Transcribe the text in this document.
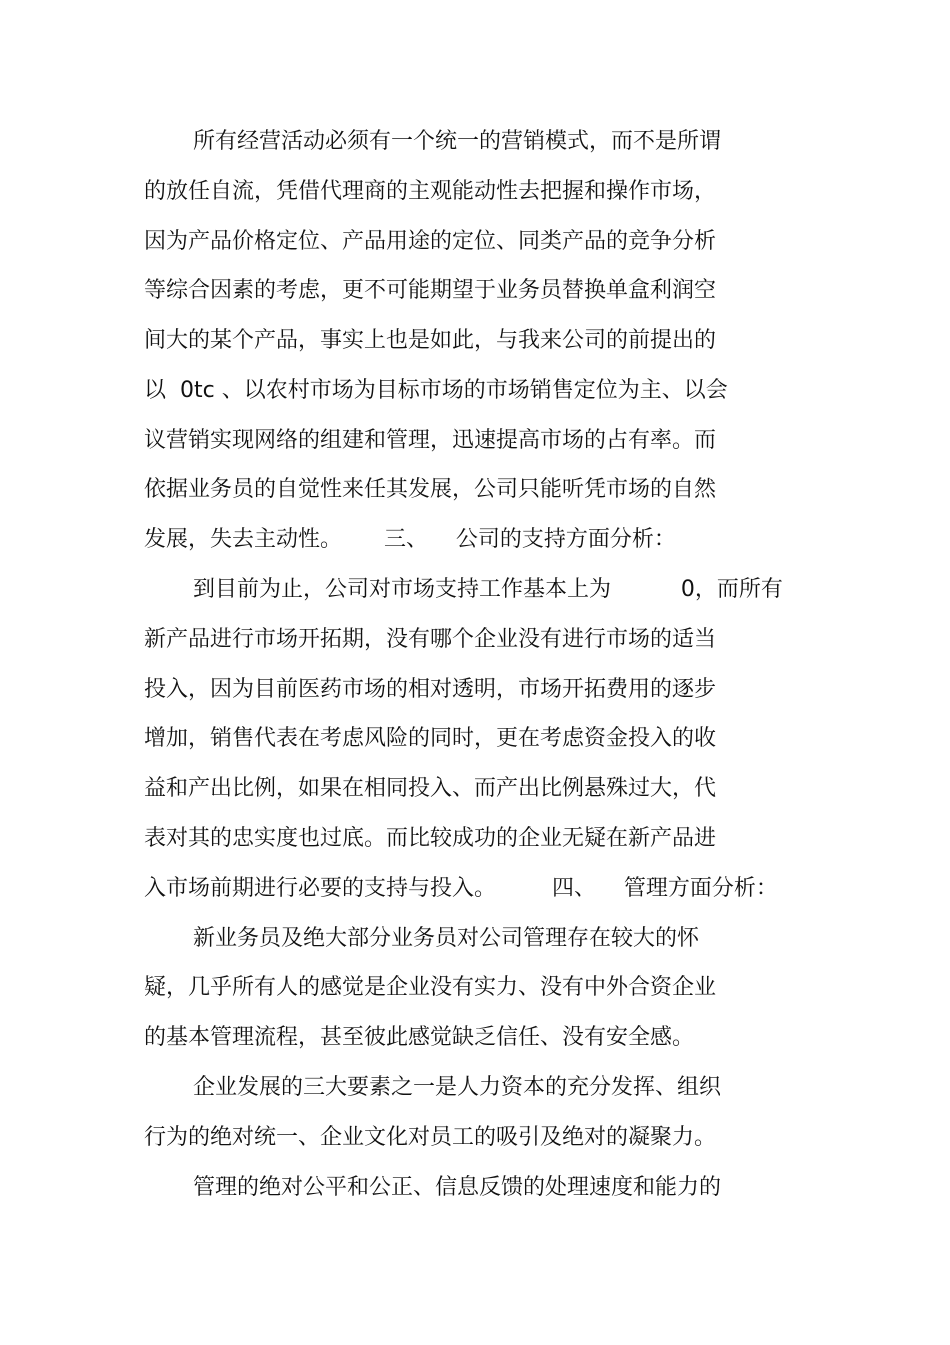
所有经营活动必须有一个统一的营销模式，而不是所谓
的放任自流，凭借代理商的主观能动性去把握和操作市场，
因为产品价格定位、产品用途的定位、同类产品的竞争分析
等综合因素的考虑，更不可能期望于业务员替换单盒利润空
间大的某个产品，事实上也是如此，与我来公司的前提出的
以  0tc 、以农村市场为目标市场的市场销售定位为主、以会
议营销实现网络的组建和管理，迅速提高市场的占有率。而
依据业务员的自觉性来任其发展，公司只能听凭市场的自然
发展，失去主动性。      三、    公司的支持方面分析：
到目前为止，公司对市场支持工作基本上为          0，而所有
新产品进行市场开拓期，没有哪个企业没有进行市场的适当
投入，因为目前医药市场的相对透明，市场开拓费用的逐步
增加，销售代表在考虑风险的同时，更在考虑资金投入的收
益和产出比例，如果在相同投入、而产出比例悬殊过大，代
表对其的忠实度也过底。而比较成功的企业无疑在新产品进
入市场前期进行必要的支持与投入。        四、    管理方面分析：
新业务员及绝大部分业务员对公司管理存在较大的怀
疑，几乎所有人的感觉是企业没有实力、没有中外合资企业
的基本管理流程，甚至彼此感觉缺乏信任、没有安全感。
企业发展的三大要素之一是人力资本的充分发挥、组织
行为的绝对统一、企业文化对员工的吸引及绝对的凝聚力。
管理的绝对公平和公正、信息反馈的处理速度和能力的
